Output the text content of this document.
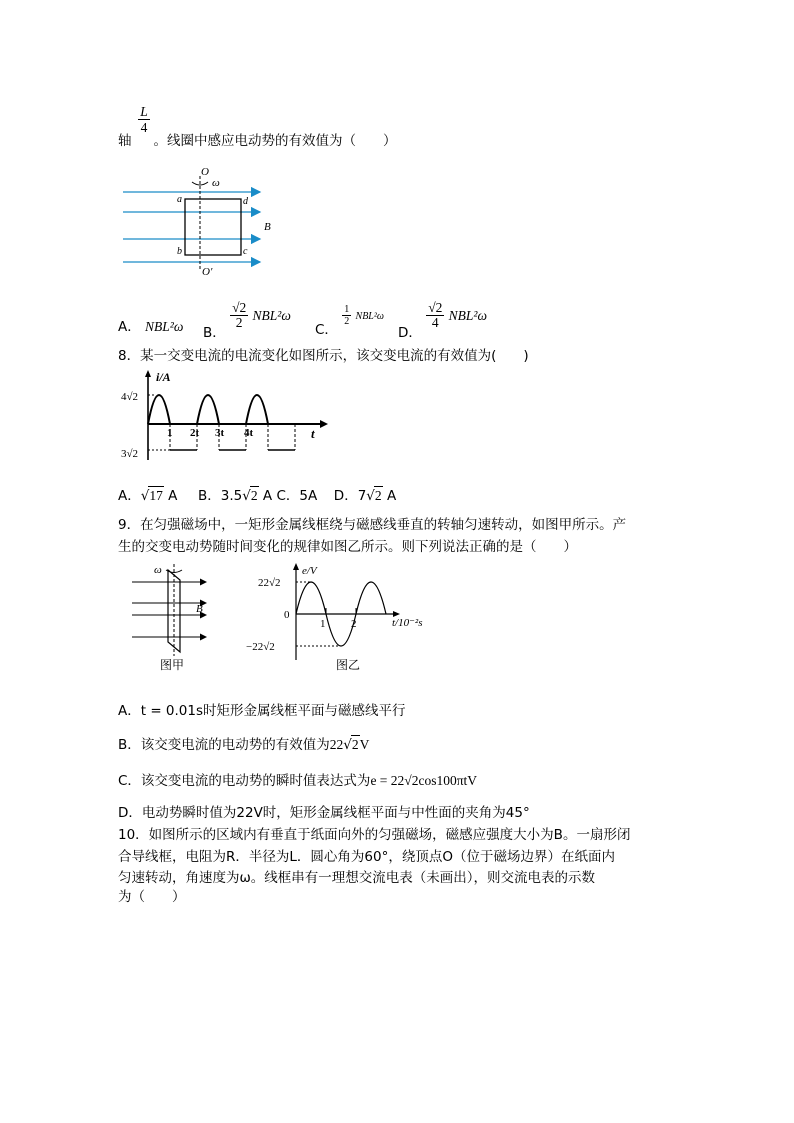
$\frac{L}{4}$
轴 。线圈中感应电动势的有效值为（　　）
O
ω
O′
B
a	d
b	c
A． NBL²ω B．
$\frac{√2}{2} NBL^2\omega$
C．
$\frac{1}{2} NBL^2\omega$
D．
$\frac{√2}{4} NBL^2\omega$
8．某一交变电流的电流变化如图所示，该交变电流的有效值为(　　)
i/A
t
4√2
3√2
1 2t 3t 4t
A．√17 A B．3.5√2 A C．5A D．7√2 A
9．在匀强磁场中，一矩形金属线框绕与磁感线垂直的转轴匀速转动，如图甲所示。产
生的交变电动势随时间变化的规律如图乙所示。则下列说法正确的是（　　）
ω
B
图甲
e/V
t/10⁻²s
22√2
−22√2
0
1 2
图乙
A．t = 0.01s时矩形金属线框平面与磁感线平行
B．该交变电流的电动势的有效值为22√2V
C．该交变电流的电动势的瞬时值表达式为e = 22√2cos100πtV
D．电动势瞬时值为22V时，矩形金属线框平面与中性面的夹角为45°
10．如图所示的区域内有垂直于纸面向外的匀强磁场，磁感应强度大小为B。一扇形闭
合导线框，电阻为R．半径为L．圆心角为60°，绕顶点O（位于磁场边界）在纸面内
匀速转动，角速度为ω。线框串有一理想交流电表（未画出），则交流电表的示数
为（　　）
